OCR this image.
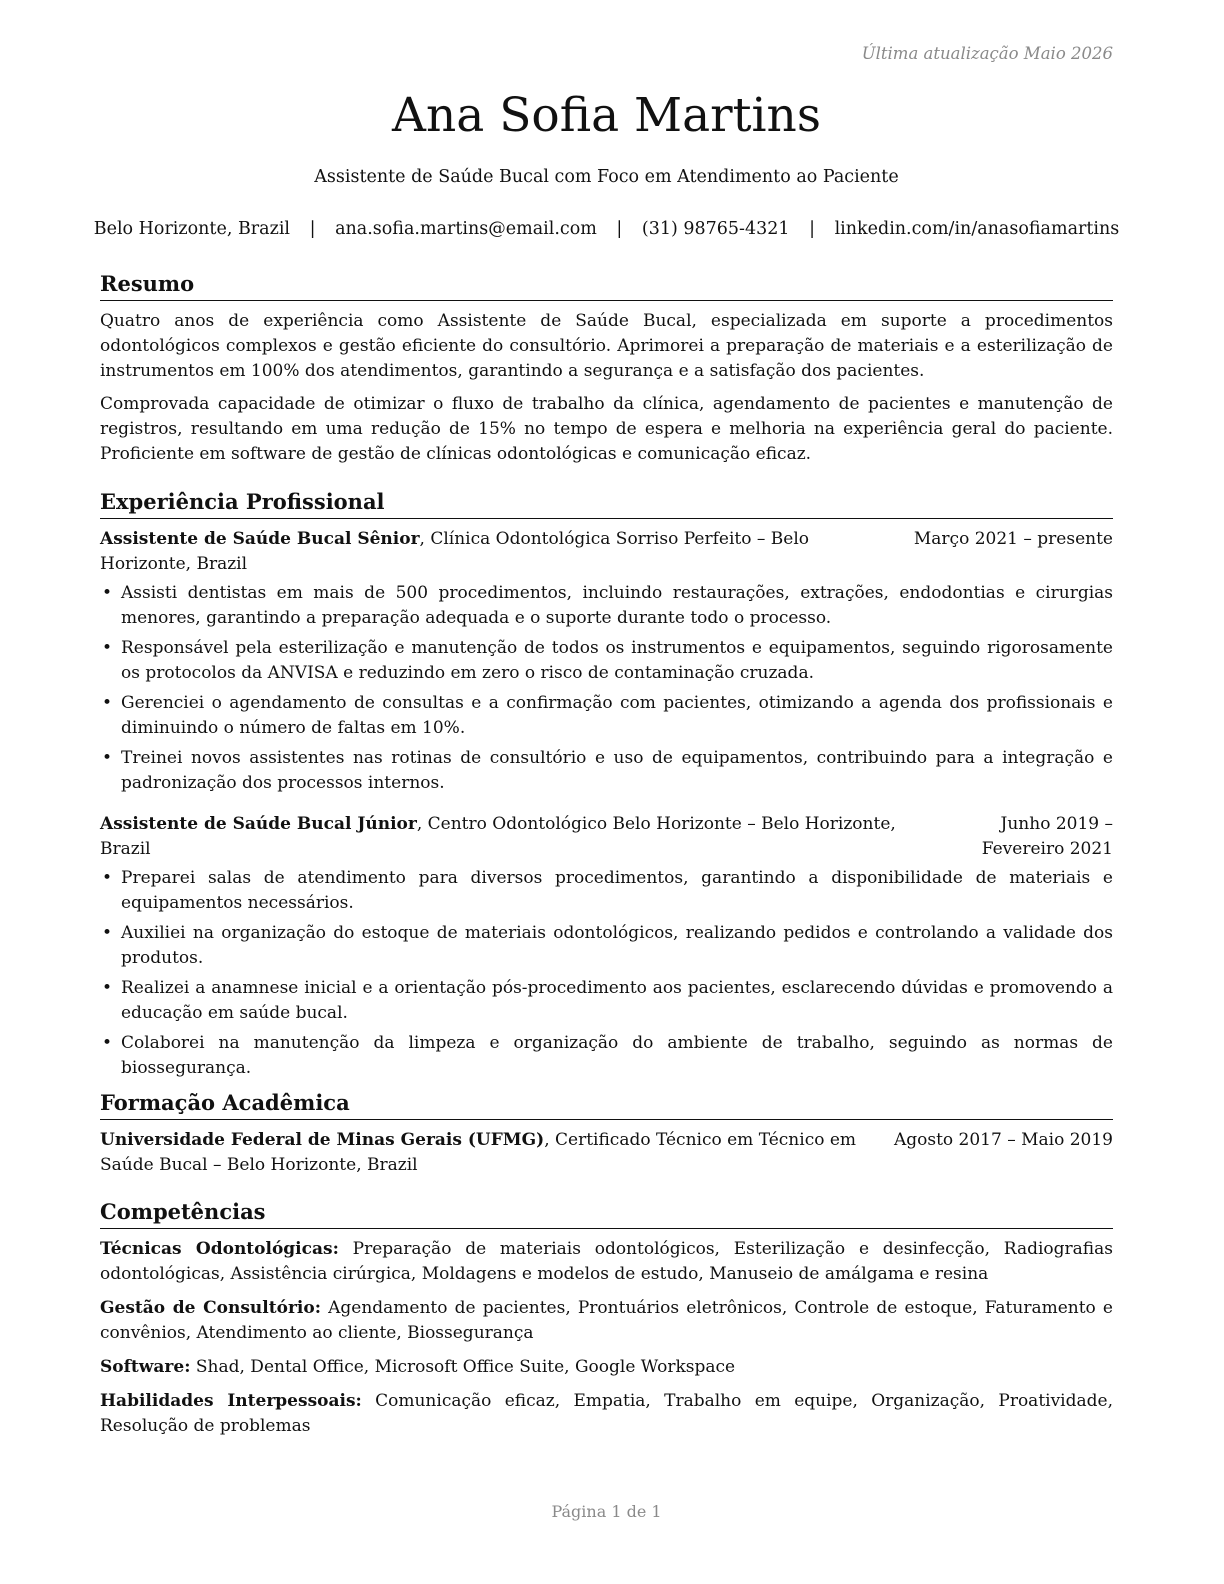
Última atualização Maio 2026
Ana Sofia Martins
Assistente de Saúde Bucal com Foco em Atendimento ao Paciente
Belo Horizonte, Brazil | ana.sofia.martins@email.com | (31) 98765-4321 | linkedin.com/in/anasofiamartins
Resumo

Quatro anos de experiência como Assistente de Saúde Bucal, especializada em suporte a procedimentos odontológicos complexos e gestão eficiente do consultório. Aprimorei a preparação de materiais e a esterilização de instrumentos em 100% dos atendimentos, garantindo a segurança e a satisfação dos pacientes.

Comprovada capacidade de otimizar o fluxo de trabalho da clínica, agendamento de pacientes e manutenção de registros, resultando em uma redução de 15% no tempo de espera e melhoria na experiência geral do paciente. Proficiente em software de gestão de clínicas odontológicas e comunicação eficaz.

Experiência Profissional
Assistente de Saúde Bucal Sênior, Clínica Odontológica Sorriso Perfeito – Belo Horizonte, Brazil
Março 2021 – presente
• Assisti dentistas em mais de 500 procedimentos, incluindo restaurações, extrações, endodontias e cirurgias menores, garantindo a preparação adequada e o suporte durante todo o processo.
• Responsável pela esterilização e manutenção de todos os instrumentos e equipamentos, seguindo rigorosamente os protocolos da ANVISA e reduzindo em zero o risco de contaminação cruzada.
• Gerenciei o agendamento de consultas e a confirmação com pacientes, otimizando a agenda dos profissionais e diminuindo o número de faltas em 10%.
• Treinei novos assistentes nas rotinas de consultório e uso de equipamentos, contribuindo para a integração e padronização dos processos internos.
Assistente de Saúde Bucal Júnior, Centro Odontológico Belo Horizonte – Belo Horizonte, Brazil
Junho 2019 – Fevereiro 2021
• Preparei salas de atendimento para diversos procedimentos, garantindo a disponibilidade de materiais e equipamentos necessários.
• Auxiliei na organização do estoque de materiais odontológicos, realizando pedidos e controlando a validade dos produtos.
• Realizei a anamnese inicial e a orientação pós-procedimento aos pacientes, esclarecendo dúvidas e promovendo a educação em saúde bucal.
• Colaborei na manutenção da limpeza e organização do ambiente de trabalho, seguindo as normas de biossegurança.
Formação Acadêmica
Universidade Federal de Minas Gerais (UFMG), Certificado Técnico em Técnico em Saúde Bucal – Belo Horizonte, Brazil
Agosto 2017 – Maio 2019
Competências
Técnicas Odontológicas: Preparação de materiais odontológicos, Esterilização e desinfecção, Radiografias odontológicas, Assistência cirúrgica, Moldagens e modelos de estudo, Manuseio de amálgama e resina
Gestão de Consultório: Agendamento de pacientes, Prontuários eletrônicos, Controle de estoque, Faturamento e convênios, Atendimento ao cliente, Biossegurança
Software: Shad, Dental Office, Microsoft Office Suite, Google Workspace
Habilidades Interpessoais: Comunicação eficaz, Empatia, Trabalho em equipe, Organização, Proatividade, Resolução de problemas
Página 1 de 1
